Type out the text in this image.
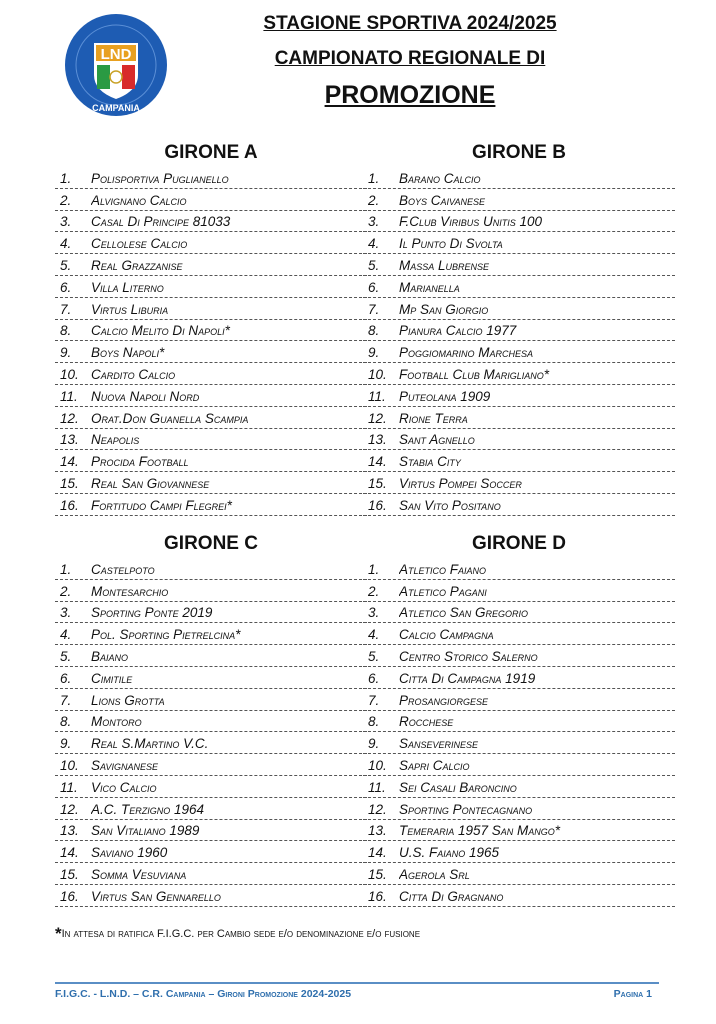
LND
CAMPANIA
STAGIONE SPORTIVA 2024/2025
CAMPIONATO REGIONALE DI
PROMOZIONE
GIRONE A
1.	Polisportiva Puglianello
2.	Alvignano Calcio
3.	Casal Di Principe 81033
4.	Cellolese Calcio
5.	Real Grazzanise
6.	Villa Literno
7.	Virtus Liburia
8.	Calcio Melito Di Napoli*
9.	Boys Napoli*
10. Cardito Calcio
11. Nuova Napoli Nord
12. Orat.Don Guanella Scampia
13. Neapolis
14. Procida Football
15. Real San Giovannese
16. Fortitudo Campi Flegrei*
GIRONE B
1.	Barano Calcio
2.	Boys Caivanese
3.	F.Club Viribus Unitis 100
4.	Il Punto Di Svolta
5.	Massa Lubrense
6.	Marianella
7.	Mp San Giorgio
8.	Pianura Calcio 1977
9.	Poggiomarino Marchesa
10. Football Club Marigliano*
11. Puteolana 1909
12. Rione Terra
13. Sant Agnello
14. Stabia City
15. Virtus Pompei Soccer
16. San Vito Positano
GIRONE C
1.	Castelpoto
2.	Montesarchio
3.	Sporting Ponte 2019
4.	Pol. Sporting Pietrelcina*
5.	Baiano
6.	Cimitile
7.	Lions Grotta
8.	Montoro
9.	Real S.Martino V.C.
10. Savignanese
11. Vico Calcio
12. A.C. Terzigno 1964
13. San Vitaliano 1989
14. Saviano 1960
15. Somma Vesuviana
16. Virtus San Gennarello
GIRONE D
1.	Atletico Faiano
2.	Atletico Pagani
3.	Atletico San Gregorio
4.	Calcio Campagna
5.	Centro Storico Salerno
6.	Citta Di Campagna 1919
7.	Prosangiorgese
8.	Rocchese
9.	Sanseverinese
10. Sapri Calcio
11. Sei Casali Baroncino
12. Sporting Pontecagnano
13. Temeraria 1957 San Mango*
14. U.S. Faiano 1965
15. Agerola Srl
16. Citta Di Gragnano
*In attesa di ratifica F.I.G.C. per Cambio sede e/o denominazione e/o fusione
F.I.G.C. - L.N.D. – C.R. Campania – Gironi Promozione 2024-2025	Pagina 1
